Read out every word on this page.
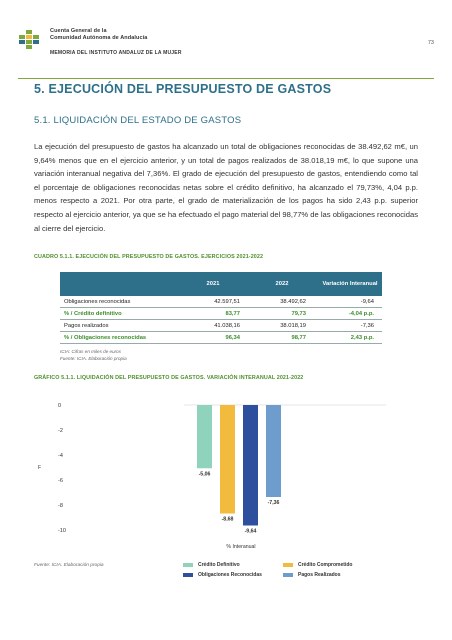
Cuenta General de la
Comunidad Autónoma de Andalucía
MEMORIA DEL INSTITUTO ANDALUZ DE LA MUJER
73
5. EJECUCIÓN DEL PRESUPUESTO DE GASTOS
5.1. LIQUIDACIÓN DEL ESTADO DE GASTOS

La ejecución del presupuesto de gastos ha alcanzado un total de obligaciones reconocidas de 38.492,62 m€, un 9,64% menos que en el ejercicio anterior, y un total de pagos realizados de 38.018,19 m€, lo que supone una variación interanual negativa del 7,36%. El grado de ejecución del presupuesto de gastos, entendiendo como tal el porcentaje de obligaciones reconocidas netas sobre el crédito definitivo, ha alcanzado el 79,73%, 4,04 p.p. menos respecto a 2021. Por otra parte, el grado de materialización de los pagos ha sido 2,43 p.p. superior respecto al ejercicio anterior, ya que se ha efectuado el pago material del 98,77% de las obligaciones reconocidas al cierre del ejercicio.

CUADRO 5.1.1. EJECUCIÓN DEL PRESUPUESTO DE GASTOS. EJERCICIOS 2021-2022
2021	2022	Variación Interanual
Obligaciones reconocidas	42.597,51	38.492,62	-9,64
% / Crédito definitivo	83,77	79,73	-4,04 p.p.
Pagos realizados	41.038,16	38.018,19	-7,36
% / Obligaciones reconocidas	96,34	98,77	2,43 p.p.
ICIA: Cifras en miles de euros
Fuente: ICIA. Elaboración propia
GRÁFICO 5.1.1. LIQUIDACIÓN DEL PRESUPUESTO DE GASTOS. VARIACIÓN INTERANUAL 2021-2022
0
-2
-4
-6
-8
-10
F
-5,06
-8,68
-9,64
-7,36
% Interanual
Fuente: ICIA. Elaboración propia	Crédito Definitivo	Crédito Comprometido
Obligaciones Reconocidas	Pagos Realizados
